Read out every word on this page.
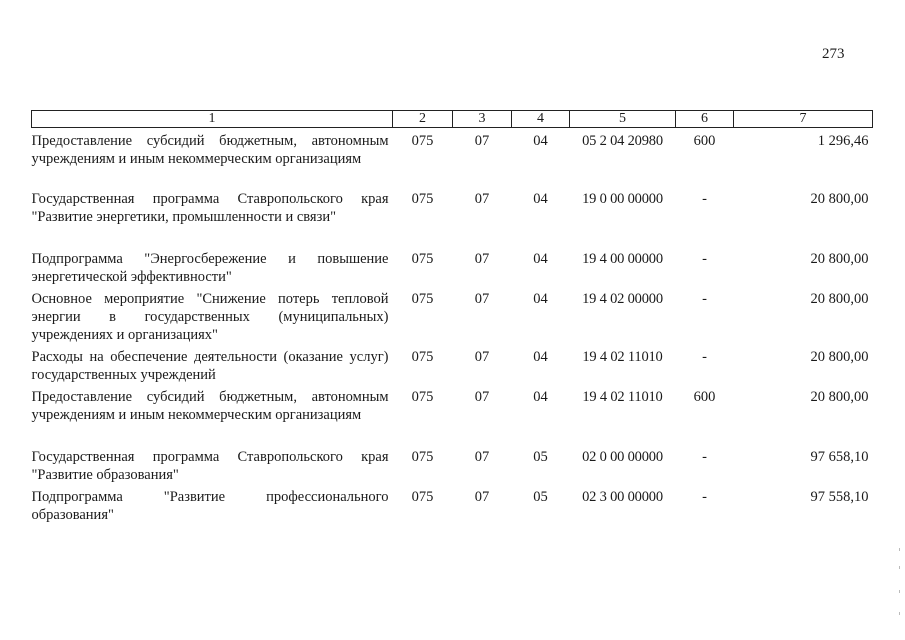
273
1	2	3	4	5	6	7
Предоставление субсидий бюджетным, автономным учреждениям и иным некоммерческим организациям	075	07	04	05 2 04 20980	600	1 296,46
Государственная программа Ставропольского края "Развитие энергетики, промышленности и связи"	075	07	04	19 0 00 00000	-	20 800,00
Подпрограмма "Энергосбережение и повышение энергетической эффективности"	075	07	04	19 4 00 00000	-	20 800,00
Основное мероприятие "Снижение потерь тепловой энергии в государственных (муниципальных) учреждениях и организациях"	075	07	04	19 4 02 00000	-	20 800,00
Расходы на обеспечение деятельности (оказание услуг) государственных учреждений	075	07	04	19 4 02 11010	-	20 800,00
Предоставление субсидий бюджетным, автономным учреждениям и иным некоммерческим организациям	075	07	04	19 4 02 11010	600	20 800,00
Государственная программа Ставропольского края "Развитие образования"	075	07	05	02 0 00 00000	-	97 658,10
Подпрограмма "Развитие профессионального образования"	075	07	05	02 3 00 00000	-	97 558,10
